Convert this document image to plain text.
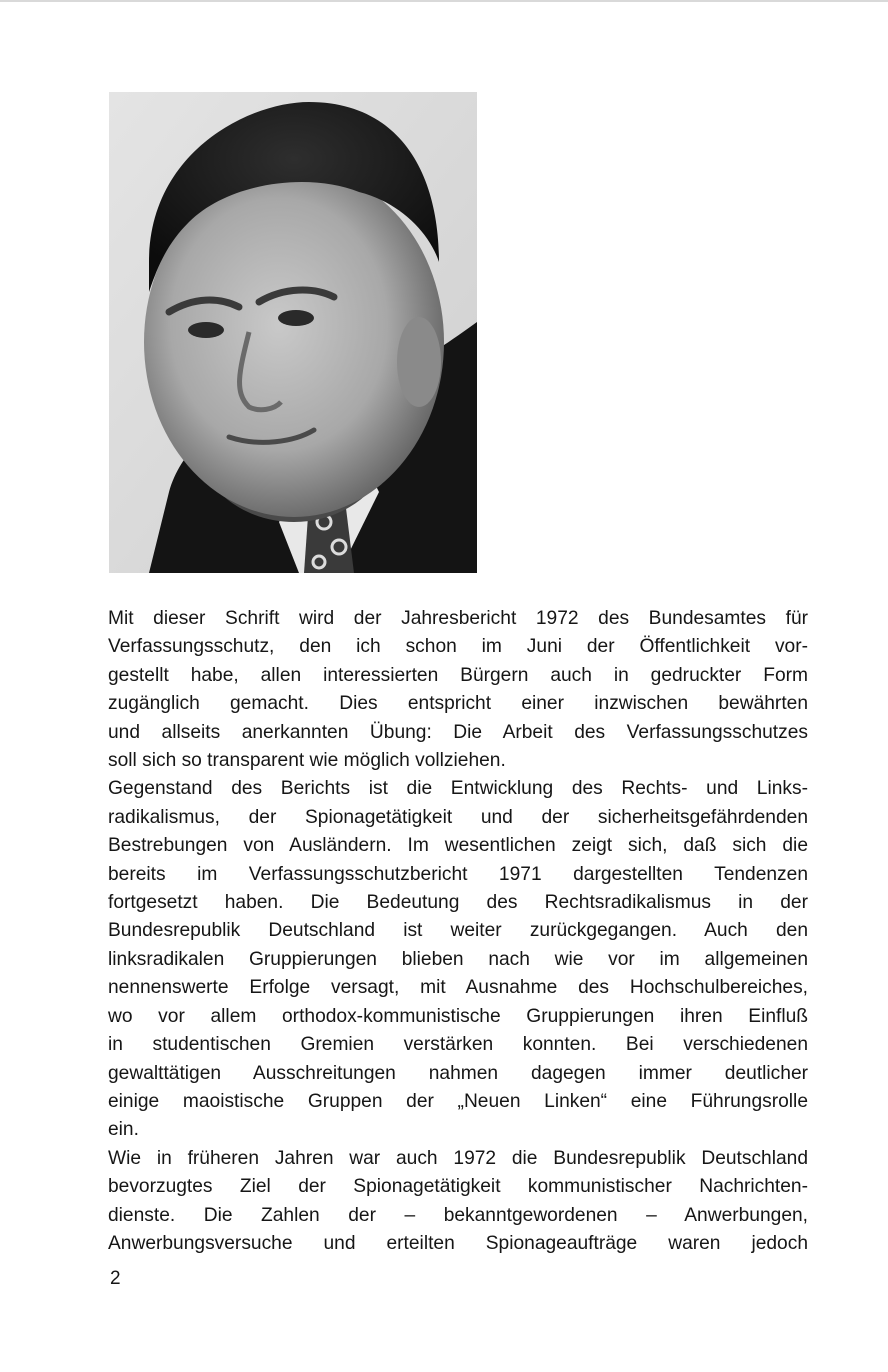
Mit dieser Schrift wird der Jahresbericht 1972 des Bundesamtes für
Verfassungsschutz, den ich schon im Juni der Öffentlichkeit vor-
gestellt habe, allen interessierten Bürgern auch in gedruckter Form
zugänglich gemacht. Dies entspricht einer inzwischen bewährten
und allseits anerkannten Übung: Die Arbeit des Verfassungsschutzes
soll sich so transparent wie möglich vollziehen.

Gegenstand des Berichts ist die Entwicklung des Rechts- und Links-
radikalismus, der Spionagetätigkeit und der sicherheitsgefährdenden
Bestrebungen von Ausländern. Im wesentlichen zeigt sich, daß sich die
bereits im Verfassungsschutzbericht 1971 dargestellten Tendenzen
fortgesetzt haben. Die Bedeutung des Rechtsradikalismus in der
Bundesrepublik Deutschland ist weiter zurückgegangen. Auch den
linksradikalen Gruppierungen blieben nach wie vor im allgemeinen
nennenswerte Erfolge versagt, mit Ausnahme des Hochschulbereiches,
wo vor allem orthodox-kommunistische Gruppierungen ihren Einfluß
in studentischen Gremien verstärken konnten. Bei verschiedenen
gewalttätigen Ausschreitungen nahmen dagegen immer deutlicher
einige maoistische Gruppen der „Neuen Linken“ eine Führungsrolle
ein.

Wie in früheren Jahren war auch 1972 die Bundesrepublik Deutschland
bevorzugtes Ziel der Spionagetätigkeit kommunistischer Nachrichten-
dienste. Die Zahlen der – bekanntgewordenen – Anwerbungen,
Anwerbungsversuche und erteilten Spionageaufträge waren jedoch

2
